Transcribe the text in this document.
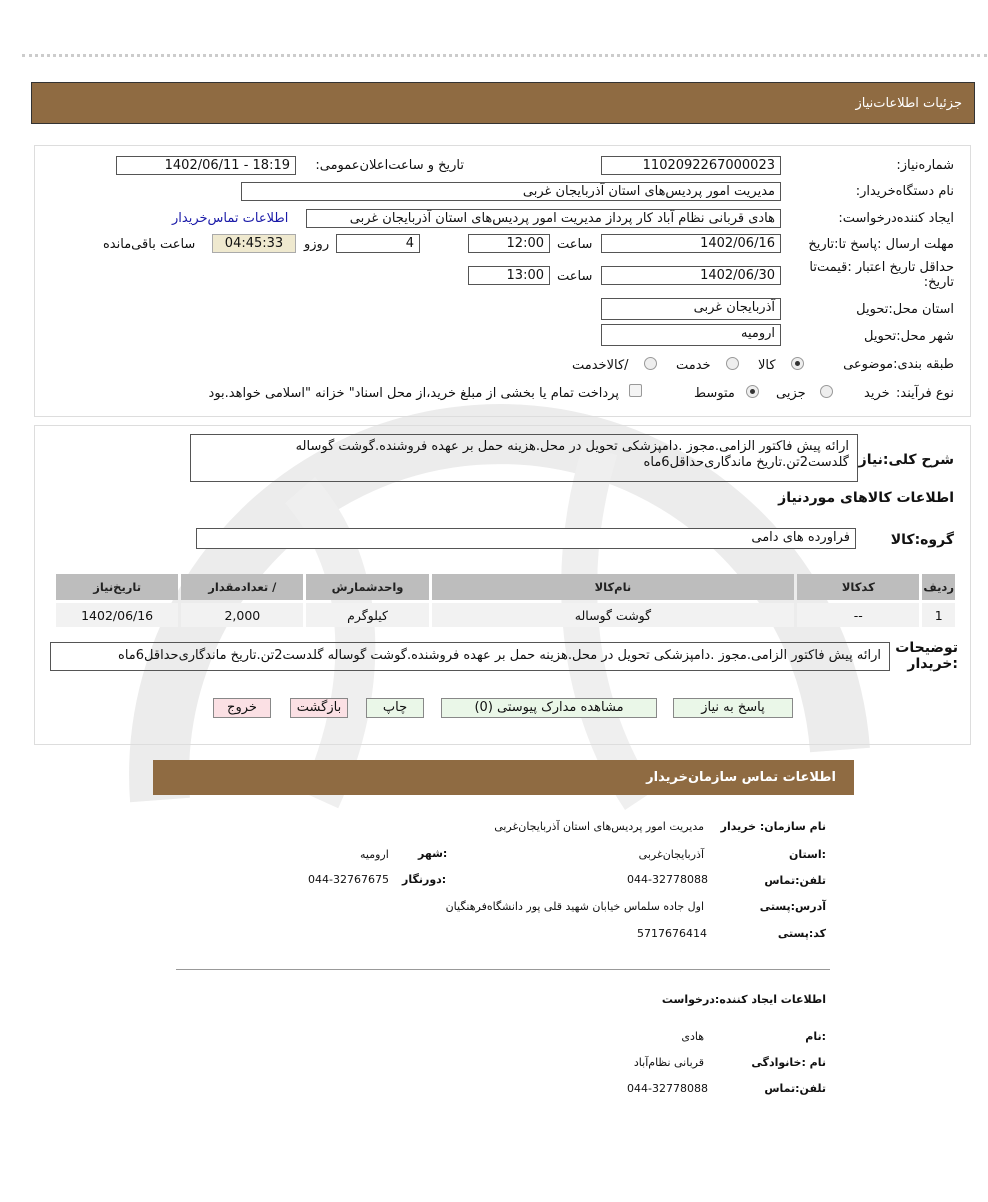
جزئیات اطلاعات‌نیاز
شماره‌نیاز:
1102092267000023
تاریخ و ساعت‌اعلان‌عمومی:
1402/06/11 - 18:19
نام دستگاه‌خریدار:
مدیریت امور پردیس‌های استان آذربایجان غربی
ایجاد کننده‌درخواست:
هادی قربانی نظام آباد کار پرداز مدیریت امور پردیس‌های استان آذربایجان غربی
اطلاعات تماس‌خریدار
مهلت ارسال :پاسخ تا:تاریخ
1402/06/16
ساعت
12:00
4
روزو
04:45:33
ساعت باقی‌مانده
حداقل تاریخ اعتبار :قیمت‌تا تاریخ:
1402/06/30
ساعت
13:00
استان محل:تحویل
آذربایجان غربی
شهر محل:تحویل
ارومیه
طبقه بندی:موضوعی
کالا
خدمت
/کالاخدمت
نوع فرآیند:
خرید
جزیی
متوسط
پرداخت تمام یا بخشی از مبلغ خرید،از محل اسناد" خزانه "اسلامی خواهد.بود
شرح کلی:نیاز
ارائه پیش فاکتور الزامی.مجوز .دامپزشکی تحویل در محل.هزینه حمل بر عهده فروشنده.گوشت گوساله گلدست2تن.تاریخ ماندگاری‌حداقل6ماه
اطلاعات کالاهای مورد‌نیاز
گروه:کالا
فراورده های دامی
ردیف	کدکالا	نام‌کالا	واحدشمارش	/ تعدادمقدار	تاریخ‌نیاز
1	--	گوشت گوساله	کیلوگرم	2,000	1402/06/16
توضیحات :خریدار
ارائه پیش فاکتور الزامی.مجوز .دامپزشکی تحویل در محل.هزینه حمل بر عهده فروشنده.گوشت گوساله گلدست2تن.تاریخ ماندگاری‌حداقل6ماه
پاسخ به نیاز
مشاهده مدارک پیوستی (0)
چاپ
بازگشت
خروج
اطلاعات تماس سازمان‌خریدار
نام سازمان: خریدار
مدیریت امور پردیس‌های استان آذربایجان‌غربی
:استان
آذربایجان‌غربی
:شهر
ارومیه
تلفن:تماس
044-32778088
:دورنگار
044-32767675
آدرس:پستی
اول جاده سلماس خیابان شهید قلی پور دانشگاه‌فرهنگیان
کد:پستی
5717676414
اطلاعات ایجاد کننده:درخواست
:نام
هادی
نام :خانوادگی
قربانی نظام‌آباد
تلفن:تماس
044-32778088
